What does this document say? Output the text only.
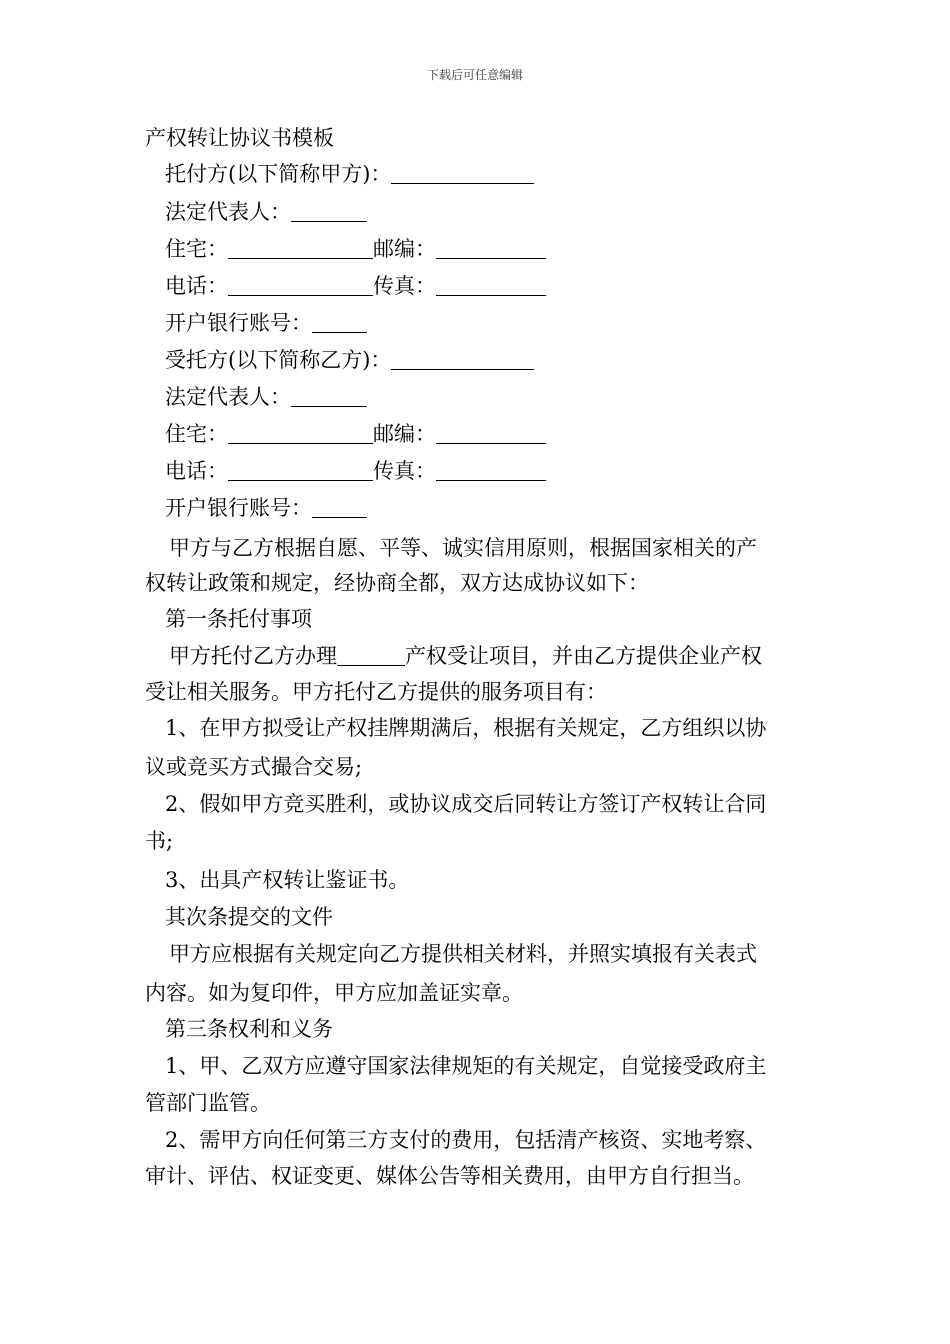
下载后可任意编辑
产权转让协议书模板
托付方(以下简称甲方)：
法定代表人：
住宅：	邮编：
电话：	传真：
开户银行账号：
受托方(以下简称乙方)：
法定代表人：
住宅：	邮编：
电话：	传真：
开户银行账号：
甲方与乙方根据自愿、平等、诚实信用原则，根据国家相关的产
权转让政策和规定，经协商全都，双方达成协议如下：
第一条托付事项
甲方托付乙方办理	产权受让项目，并由乙方提供企业产权
受让相关服务。甲方托付乙方提供的服务项目有：
1、在甲方拟受让产权挂牌期满后，根据有关规定，乙方组织以协
议或竞买方式撮合交易;
2、假如甲方竞买胜利，或协议成交后同转让方签订产权转让合同
书;
3、出具产权转让鉴证书。
其次条提交的文件
甲方应根据有关规定向乙方提供相关材料，并照实填报有关表式
内容。如为复印件，甲方应加盖证实章。
第三条权利和义务
1、甲、乙双方应遵守国家法律规矩的有关规定，自觉接受政府主
管部门监管。
2、需甲方向任何第三方支付的费用，包括清产核资、实地考察、
审计、评估、权证变更、媒体公告等相关费用，由甲方自行担当。
